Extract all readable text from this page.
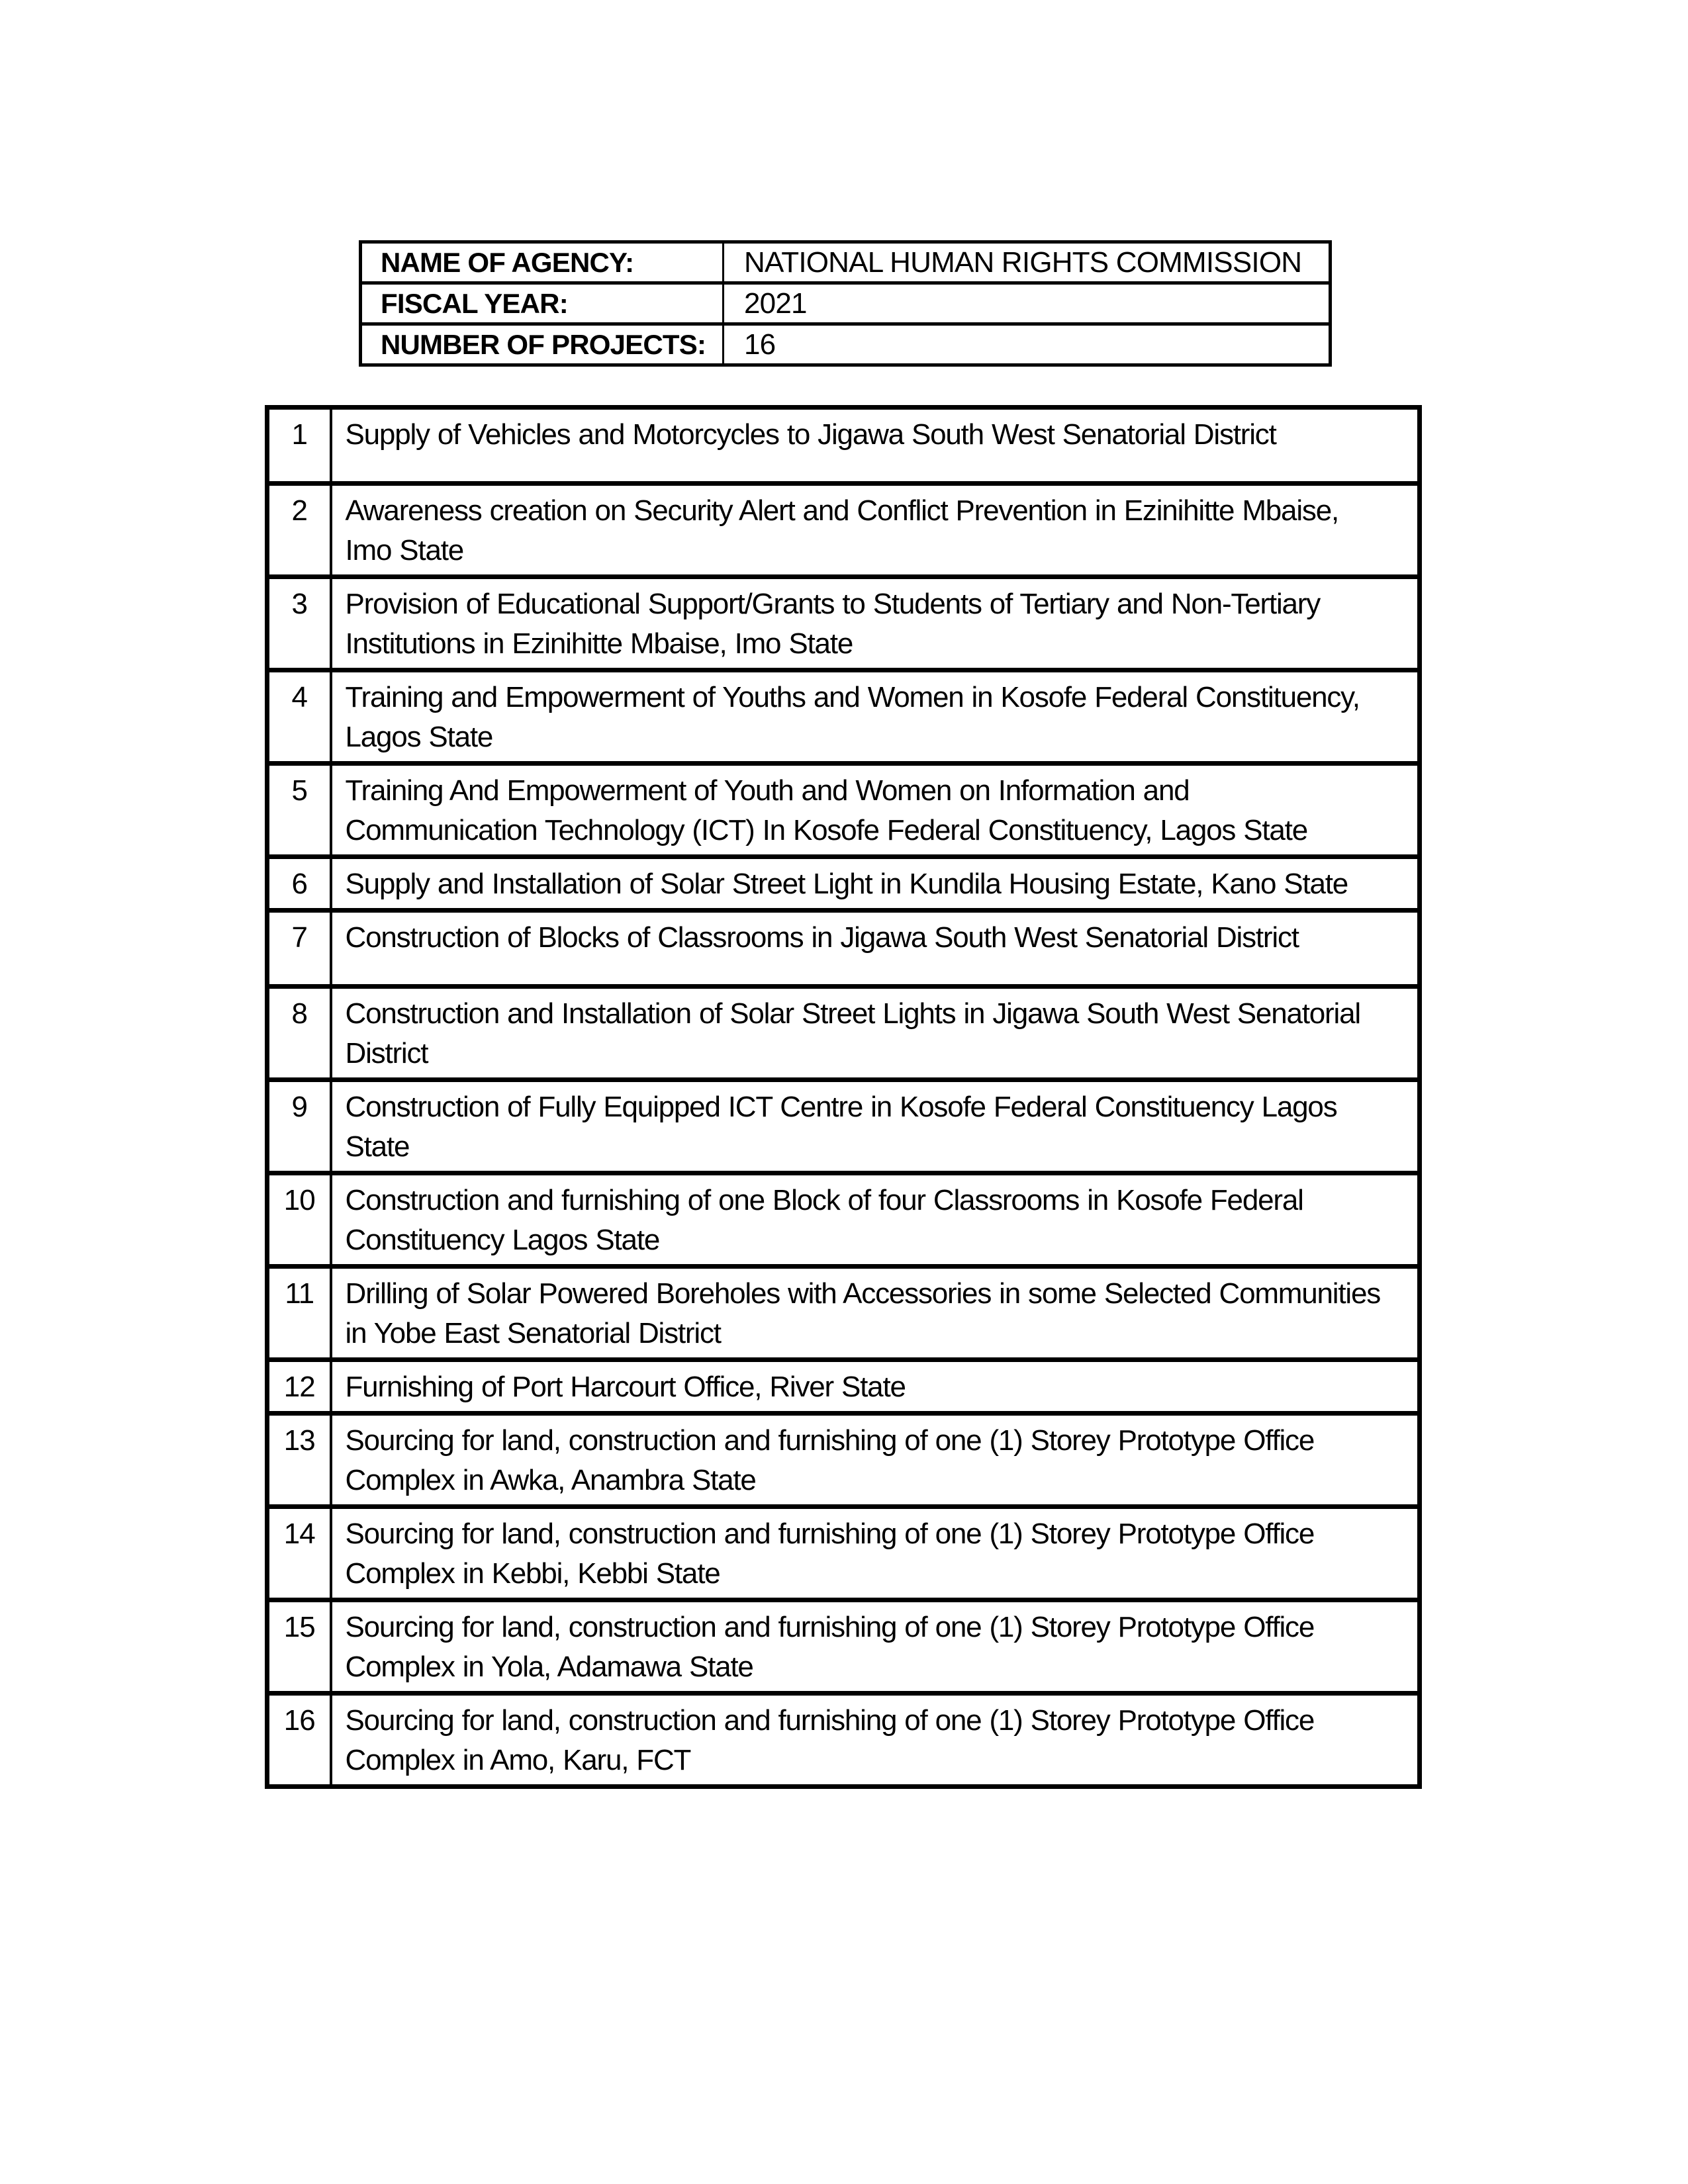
NAME OF AGENCY:	NATIONAL HUMAN RIGHTS COMMISSION
FISCAL YEAR:	2021
NUMBER OF PROJECTS:	16
1	Supply of Vehicles and Motorcycles to Jigawa South West Senatorial District
2	Awareness creation on Security Alert and Conflict Prevention in Ezinihitte Mbaise, Imo State
3	Provision of Educational Support/Grants to Students of Tertiary and Non-Tertiary Institutions in Ezinihitte Mbaise, Imo State
4	Training and Empowerment of Youths and Women in Kosofe Federal Constituency, Lagos State
5	Training And Empowerment of Youth and Women on Information and Communication Technology (ICT) In Kosofe Federal Constituency, Lagos State
6	Supply and Installation of Solar Street Light in Kundila Housing Estate, Kano State
7	Construction of Blocks of Classrooms in Jigawa South West Senatorial District
8	Construction and Installation of Solar Street Lights in Jigawa South West Senatorial District
9	Construction of Fully Equipped ICT Centre in Kosofe Federal Constituency Lagos State
10	Construction and furnishing of one Block of four Classrooms in Kosofe Federal Constituency Lagos State
11	Drilling of Solar Powered Boreholes with Accessories in some Selected Communities in Yobe East Senatorial District
12	Furnishing of Port Harcourt Office, River State
13	Sourcing for land, construction and furnishing of one (1) Storey Prototype Office Complex in Awka, Anambra State
14	Sourcing for land, construction and furnishing of one (1) Storey Prototype Office Complex in Kebbi, Kebbi State
15	Sourcing for land, construction and furnishing of one (1) Storey Prototype Office Complex in Yola, Adamawa State
16	Sourcing for land, construction and furnishing of one (1) Storey Prototype Office Complex in Amo, Karu, FCT
